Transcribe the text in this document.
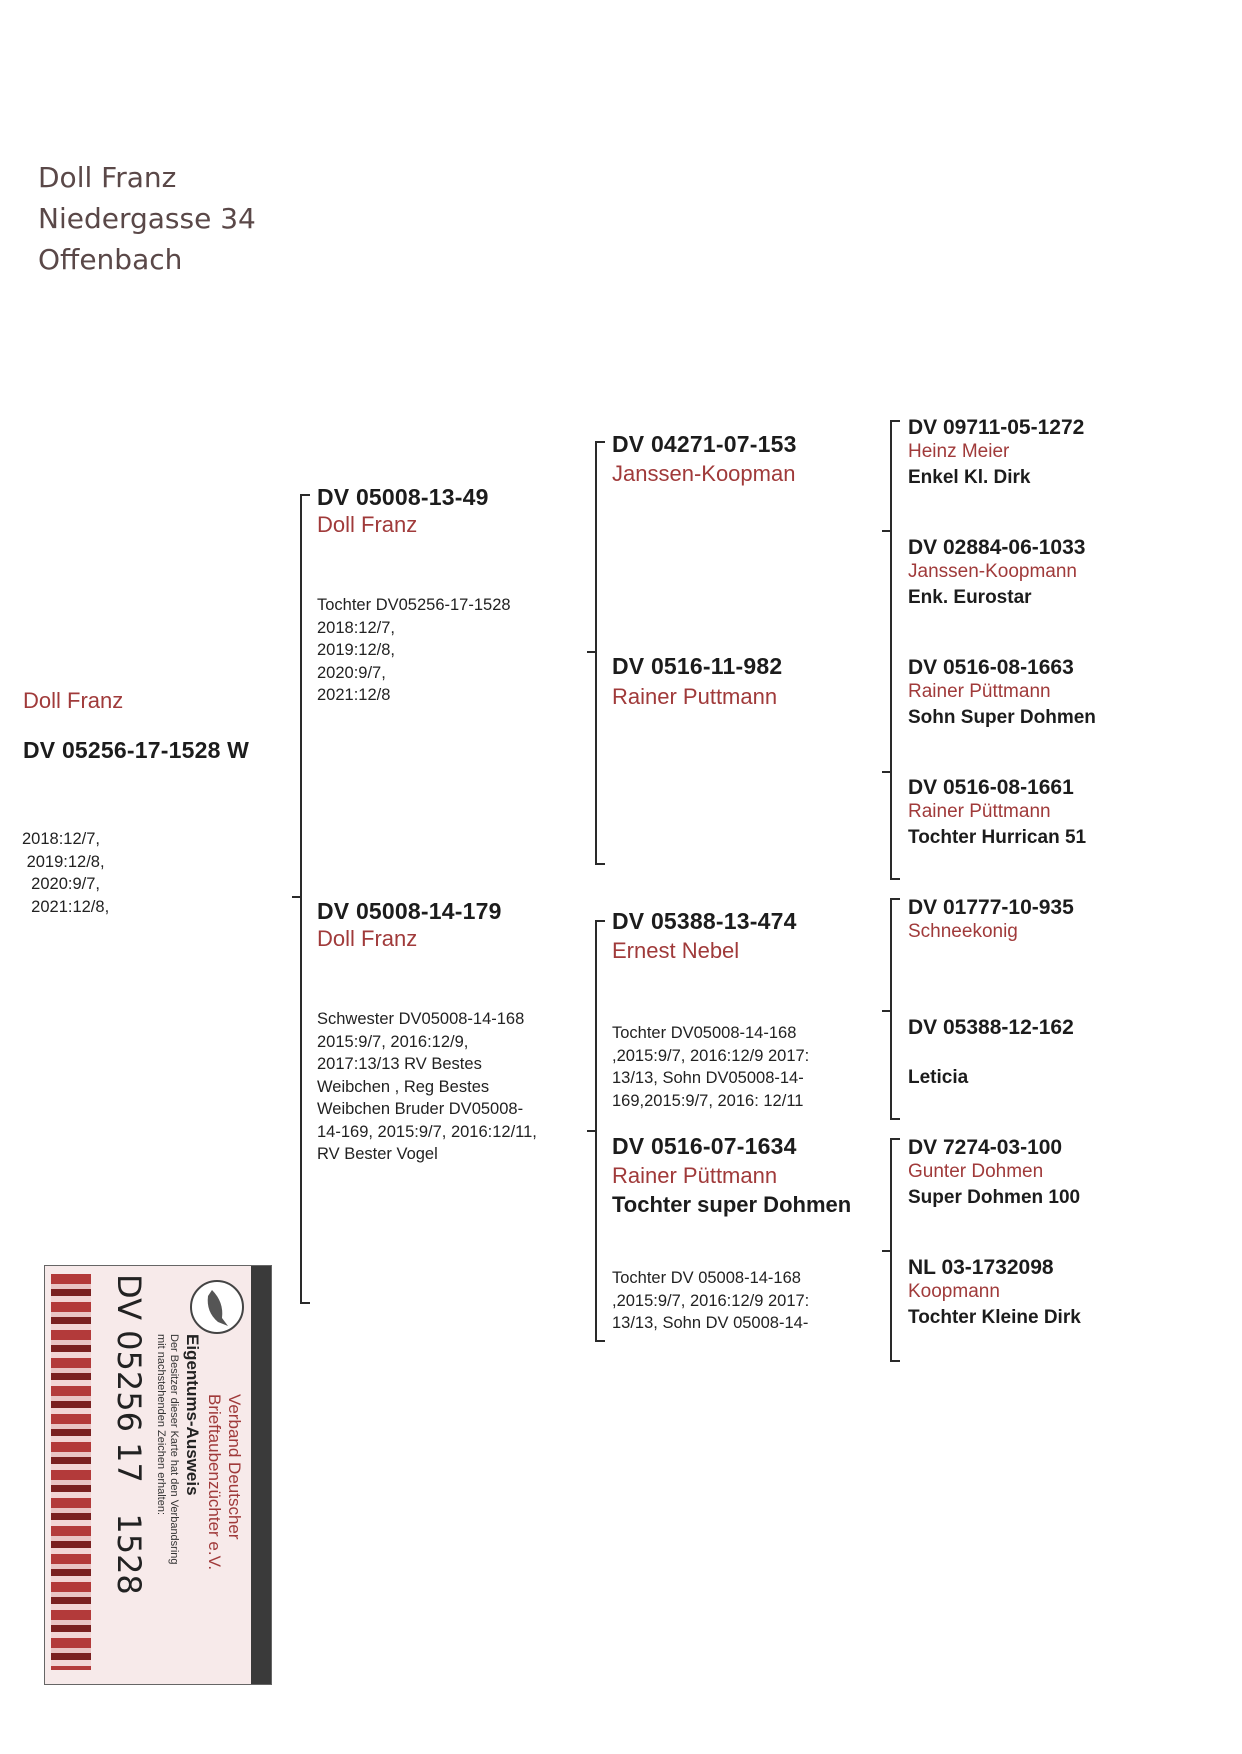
Doll Franz
Niedergasse 34
Offenbach
Doll Franz
DV 05256-17-1528 W
2018:12/7,
2019:12/8,
2020:9/7,
2021:12/8,
DV 05008-13-49
Doll Franz
Tochter DV05256-17-1528
2018:12/7,
2019:12/8,
2020:9/7,
2021:12/8
DV 05008-14-179
Doll Franz
Schwester DV05008-14-168
2015:9/7, 2016:12/9,
2017:13/13 RV Bestes
Weibchen , Reg Bestes
Weibchen Bruder DV05008-
14-169, 2015:9/7, 2016:12/11,
RV Bester Vogel
DV 04271-07-153
Janssen-Koopman
DV 0516-11-982
Rainer Puttmann
DV 05388-13-474
Ernest Nebel
Tochter DV05008-14-168
,2015:9/7, 2016:12/9 2017:
13/13, Sohn DV05008-14-
169,2015:9/7, 2016: 12/11
DV 0516-07-1634
Rainer Püttmann
Tochter super Dohmen
Tochter DV 05008-14-168
,2015:9/7, 2016:12/9 2017:
13/13, Sohn DV 05008-14-
DV 09711-05-1272
Heinz Meier
Enkel Kl. Dirk
DV 02884-06-1033
Janssen-Koopmann
Enk. Eurostar
DV 0516-08-1663
Rainer Püttmann
Sohn Super Dohmen
DV 0516-08-1661
Rainer Püttmann
Tochter Hurrican 51
DV 01777-10-935
Schneekonig
DV 05388-12-162
Leticia
DV 7274-03-100
Gunter Dohmen
Super Dohmen 100
NL 03-1732098
Koopmann
Tochter Kleine Dirk
Verband Deutscher
Brieftaubenzüchter e.V.
Eigentums-Ausweis
Der Besitzer dieser Karte hat den Verbandsring
mit nachstehenden Zeichen erhalten:
DV 05256 17   1528
